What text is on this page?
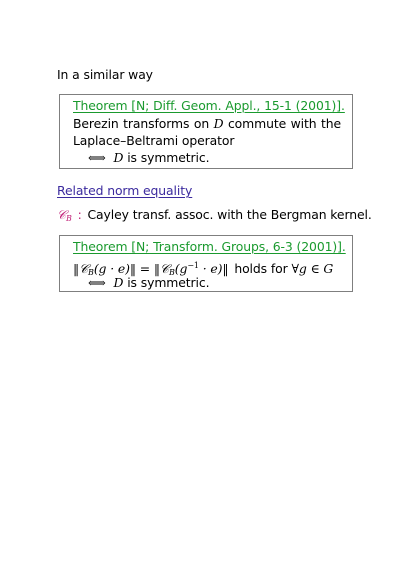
In a similar way
Theorem [N; Diff. Geom. Appl., 15-1 (2001)].
Berezin transforms on D commute with the
Laplace–Beltrami operator
⟺ D is symmetric.
Related norm equality
𝒞$_B$ : Cayley transf. assoc. with the Bergman kernel.
Theorem [N; Transform. Groups, 6-3 (2001)].
‖𝒞$_B$(g · e)‖ = $‖𝒞_B(g^{-1}$ · e)‖ holds for ∀g ∈ G
⟺ D is symmetric.
